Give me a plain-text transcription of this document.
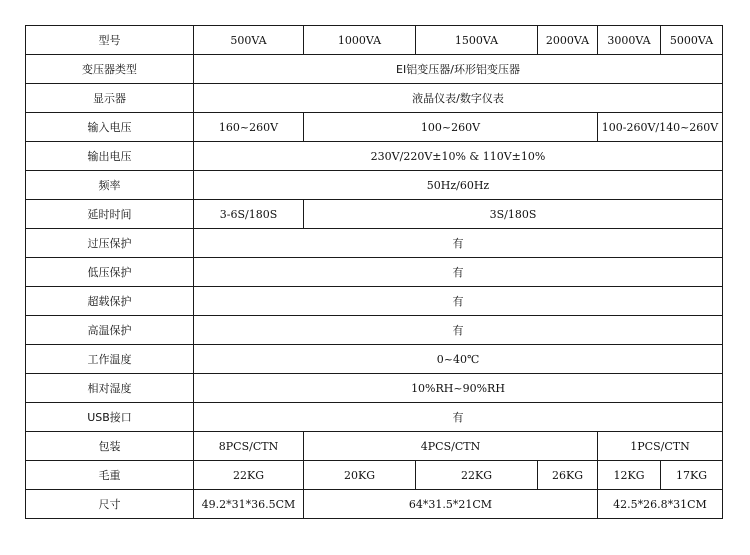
型号	500VA	1000VA	1500VA	2000VA	3000VA	5000VA
变压器类型	EI铝变压器/环形铝变压器					
显示器	液晶仪表/数字仪表					
输入电压	160~260V	100~260V			100-260V/140~260V	
输出电压	230V/220V±10% & 110V±10%					
频率	50Hz/60Hz					
延时时间	3-6S/180S	3S/180S				
过压保护	有					
低压保护	有					
超载保护	有					
高温保护	有					
工作温度	0~40℃					
相对湿度	10%RH~90%RH					
USB接口	有					
包装	8PCS/CTN	4PCS/CTN			1PCS/CTN	
毛重	22KG	20KG	22KG	26KG	12KG	17KG
尺寸	49.2*31*36.5CM	64*31.5*21CM			42.5*26.8*31CM	
